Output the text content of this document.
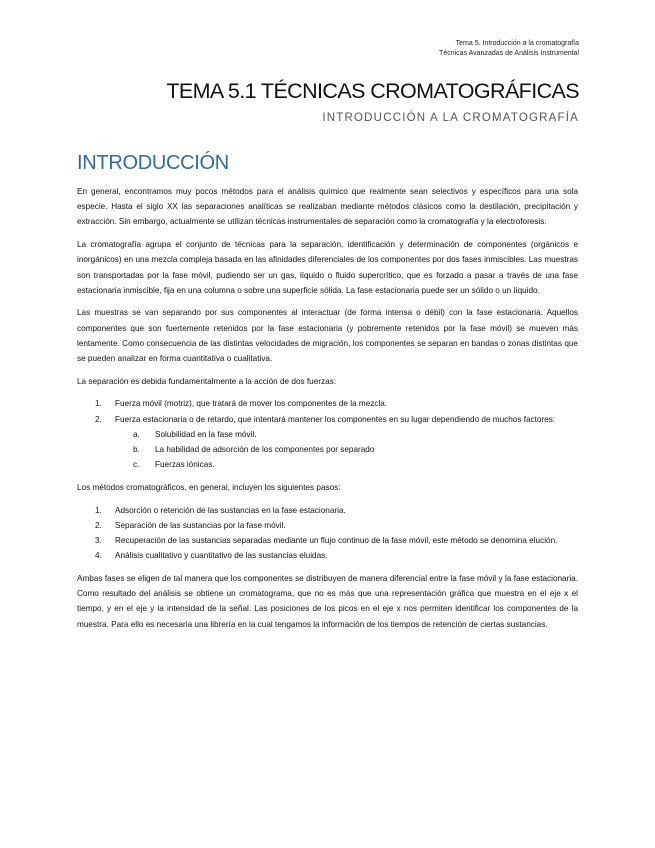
Tema 5. Introducción a la cromatografía
Técnicas Avanzadas de Análisis Instrumental
TEMA 5.1 TÉCNICAS CROMATOGRÁFICAS
INTRODUCCIÓN A LA CROMATOGRAFÍA
INTRODUCCIÓN

En general, encontramos muy pocos métodos para el análisis químico que realmente sean selectivos y específicos para una sola especie. Hasta el siglo XX las separaciones analíticas se realizaban mediante métodos clásicos como la destilación, precipitación y extracción. Sin embargo, actualmente se utilizan técnicas instrumentales de separación como la cromatografía y la electroforesis.

La cromatografía agrupa el conjunto de técnicas para la separación, identificación y determinación de componentes (orgánicos e inorgánicos) en una mezcla compleja basada en las afinidades diferenciales de los componentes por dos fases inmiscibles. Las muestras son transportadas por la fase móvil, pudiendo ser un gas, líquido o fluido supercrítico, que es forzado a pasar a través de una fase estacionaria inmiscible, fija en una columna o sobre una superficie sólida. La fase estacionaria puede ser un sólido o un líquido.

Las muestras se van separando por sus componentes al interactuar (de forma intensa o débil) con la fase estacionaria. Aquellos componentes que son fuertemente retenidos por la fase estacionaria (y pobremente retenidos por la fase móvil) se mueven más lentamente. Como consecuencia de las distintas velocidades de migración, los componentes se separan en bandas o zonas distintas que se pueden analizar en forma cuantitativa o cualitativa.

La separación es debida fundamentalmente a la acción de dos fuerzas:

1. Fuerza móvil (motriz), que tratará de mover los componentes de la mezcla.
2. Fuerza estacionaria o de retardo, que intentará mantener los componentes en su lugar dependiendo de muchos factores:
a. Solubilidad en la fase móvil.
b. La habilidad de adsorción de los componentes por separado
c. Fuerzas iónicas.

Los métodos cromatográficos, en general, incluyen los siguientes pasos:

1. Adsorción o retención de las sustancias en la fase estacionaria.
2. Separación de las sustancias por la fase móvil.
3. Recuperación de las sustancias separadas mediante un flujo continuo de la fase móvil, este método se denomina elución.
4. Análisis cualitativo y cuantitativo de las sustancias eluidas.

Ambas fases se eligen de tal manera que los componentes se distribuyen de manera diferencial entre la fase móvil y la fase estacionaria. Como resultado del análisis se obtiene un cromatograma, que no es más que una representación gráfica que muestra en el eje x el tiempo, y en el eje y la intensidad de la señal. Las posiciones de los picos en el eje x nos permiten identificar los componentes de la muestra. Para ello es necesaria una librería en la cual tengamos la información de los tiempos de retención de ciertas sustancias.
